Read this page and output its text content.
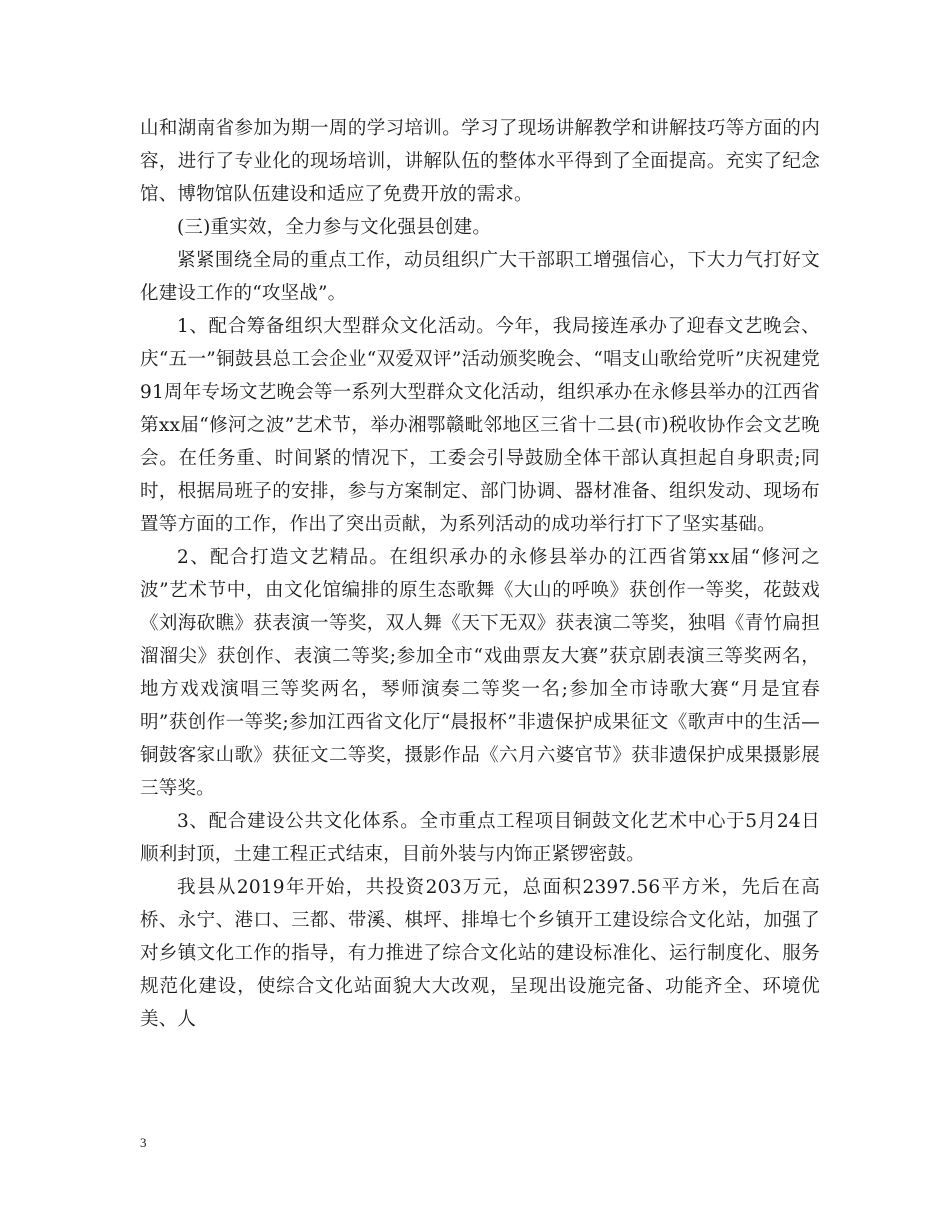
山和湖南省参加为期一周的学习培训。学习了现场讲解教学和讲解技巧等方面的内容，进行了专业化的现场培训，讲解队伍的整体水平得到了全面提高。充实了纪念馆、博物馆队伍建设和适应了免费开放的需求。

(三)重实效，全力参与文化强县创建。

紧紧围绕全局的重点工作，动员组织广大干部职工增强信心，下大力气打好文化建设工作的“攻坚战”。

1、配合筹备组织大型群众文化活动。今年，我局接连承办了迎春文艺晚会、庆“五一”铜鼓县总工会企业“双爱双评”活动颁奖晚会、“唱支山歌给党听”庆祝建党91周年专场文艺晚会等一系列大型群众文化活动，组织承办在永修县举办的江西省第xx届“修河之波”艺术节，举办湘鄂赣毗邻地区三省十二县(市)税收协作会文艺晚会。在任务重、时间紧的情况下，工委会引导鼓励全体干部认真担起自身职责;同时，根据局班子的安排，参与方案制定、部门协调、器材准备、组织发动、现场布置等方面的工作，作出了突出贡献，为系列活动的成功举行打下了坚实基础。

2、配合打造文艺精品。在组织承办的永修县举办的江西省第xx届“修河之波”艺术节中，由文化馆编排的原生态歌舞《大山的呼唤》获创作一等奖，花鼓戏《刘海砍瞧》获表演一等奖，双人舞《天下无双》获表演二等奖，独唱《青竹扁担溜溜尖》获创作、表演二等奖;参加全市“戏曲票友大赛”获京剧表演三等奖两名，地方戏戏演唱三等奖两名，琴师演奏二等奖一名;参加全市诗歌大赛“月是宜春明”获创作一等奖;参加江西省文化厅“晨报杯”非遗保护成果征文《歌声中的生活—铜鼓客家山歌》获征文二等奖，摄影作品《六月六婆官节》获非遗保护成果摄影展三等奖。

3、配合建设公共文化体系。全市重点工程项目铜鼓文化艺术中心于5月24日顺利封顶，土建工程正式结束，目前外装与内饰正紧锣密鼓。

我县从2019年开始，共投资203万元，总面积2397.56平方米，先后在高桥、永宁、港口、三都、带溪、棋坪、排埠七个乡镇开工建设综合文化站，加强了对乡镇文化工作的指导，有力推进了综合文化站的建设标准化、运行制度化、服务规范化建设，使综合文化站面貌大大改观，呈现出设施完备、功能齐全、环境优美、人

3
